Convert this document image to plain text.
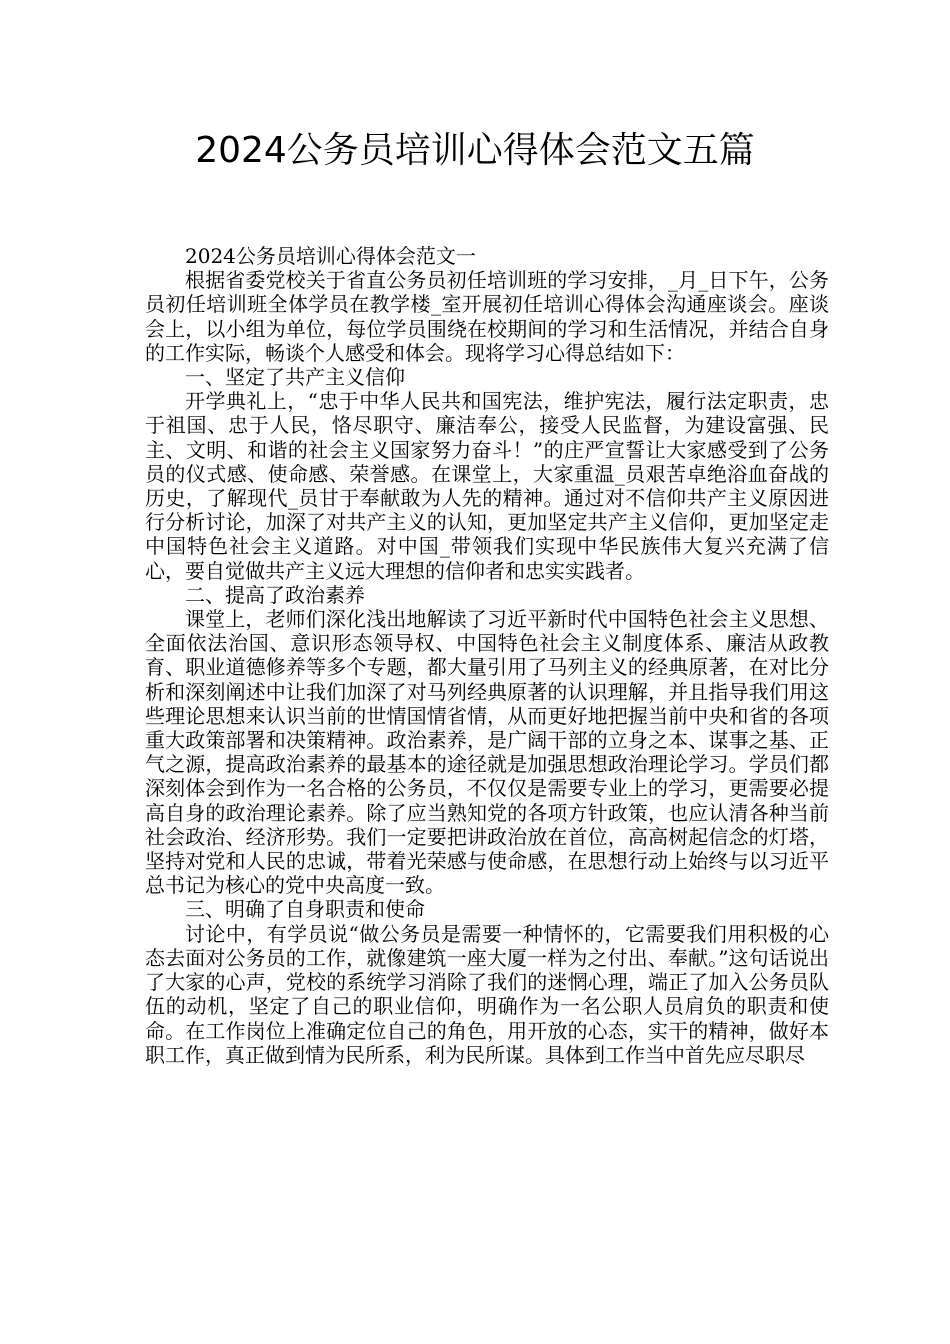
2024公务员培训心得体会范文五篇

2024公务员培训心得体会范文一

根据省委党校关于省直公务员初任培训班的学习安排，_月_日下午，公务员初任培训班全体学员在教学楼_室开展初任培训心得体会沟通座谈会。座谈会上，以小组为单位，每位学员围绕在校期间的学习和生活情况，并结合自身的工作实际，畅谈个人感受和体会。现将学习心得总结如下：

一、坚定了共产主义信仰

开学典礼上，“忠于中华人民共和国宪法，维护宪法，履行法定职责，忠于祖国、忠于人民，恪尽职守、廉洁奉公，接受人民监督，为建设富强、民主、文明、和谐的社会主义国家努力奋斗！”的庄严宣誓让大家感受到了公务员的仪式感、使命感、荣誉感。在课堂上，大家重温_员艰苦卓绝浴血奋战的历史，了解现代_员甘于奉献敢为人先的精神。通过对不信仰共产主义原因进行分析讨论，加深了对共产主义的认知，更加坚定共产主义信仰，更加坚定走中国特色社会主义道路。对中国_带领我们实现中华民族伟大复兴充满了信心，要自觉做共产主义远大理想的信仰者和忠实实践者。

二、提高了政治素养

课堂上，老师们深化浅出地解读了习近平新时代中国特色社会主义思想、全面依法治国、意识形态领导权、中国特色社会主义制度体系、廉洁从政教育、职业道德修养等多个专题，都大量引用了马列主义的经典原著，在对比分析和深刻阐述中让我们加深了对马列经典原著的认识理解，并且指导我们用这些理论思想来认识当前的世情国情省情，从而更好地把握当前中央和省的各项重大政策部署和决策精神。政治素养，是广阔干部的立身之本、谋事之基、正气之源，提高政治素养的最基本的途径就是加强思想政治理论学习。学员们都深刻体会到作为一名合格的公务员，不仅仅是需要专业上的学习，更需要必提高自身的政治理论素养。除了应当熟知党的各项方针政策，也应认清各种当前社会政治、经济形势。我们一定要把讲政治放在首位，高高树起信念的灯塔，坚持对党和人民的忠诚，带着光荣感与使命感，在思想行动上始终与以习近平总书记为核心的党中央高度一致。

三、明确了自身职责和使命

讨论中，有学员说“做公务员是需要一种情怀的，它需要我们用积极的心态去面对公务员的工作，就像建筑一座大厦一样为之付出、奉献。”这句话说出了大家的心声，党校的系统学习消除了我们的迷惘心理，端正了加入公务员队伍的动机，坚定了自己的职业信仰，明确作为一名公职人员肩负的职责和使命。在工作岗位上准确定位自己的角色，用开放的心态，实干的精神，做好本职工作，真正做到情为民所系，利为民所谋。具体到工作当中首先应尽职尽
